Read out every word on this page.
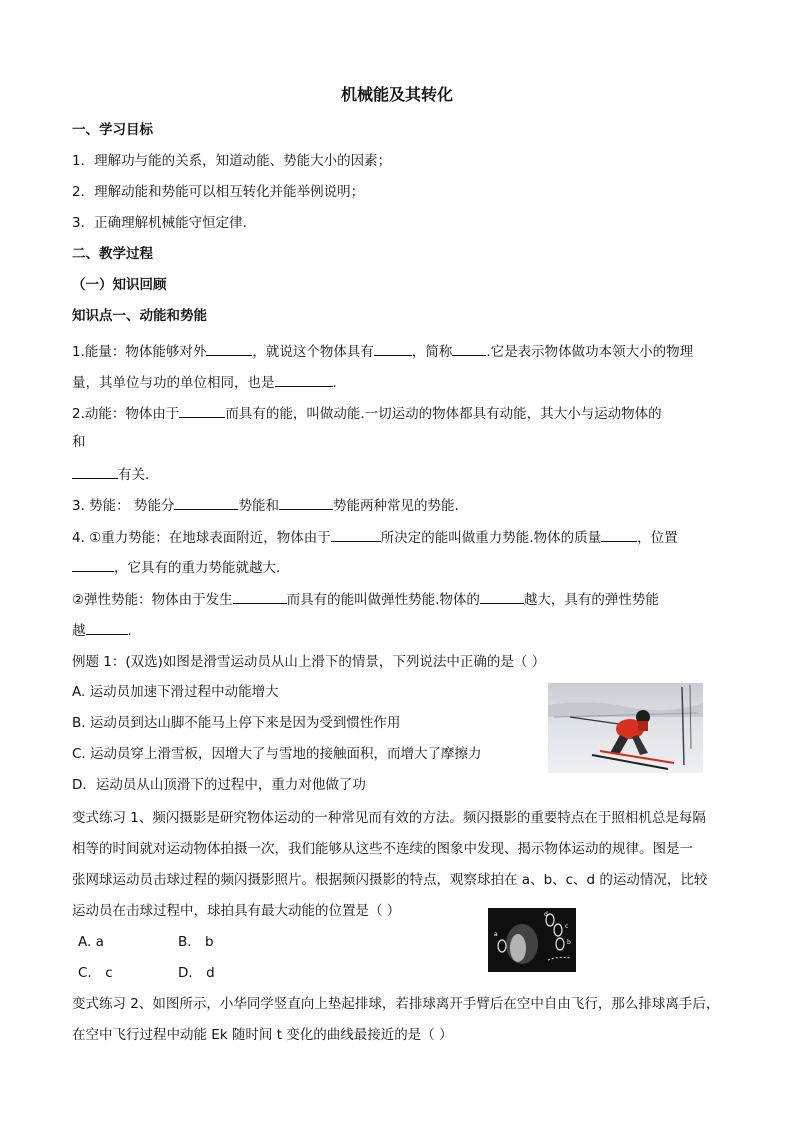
机械能及其转化
一、学习目标
1．理解功与能的关系，知道动能、势能大小的因素；
2．理解动能和势能可以相互转化并能举例说明；
3．正确理解机械能守恒定律.
二、教学过程
（一）知识回顾
知识点一、动能和势能
1.能量：物体能够对外	，就说这个物体具有	，简称	.它是表示物体做功本领大小的物理
量，其单位与功的单位相同，也是	.
2.动能：物体由于	而具有的能，叫做动能.一切运动的物体都具有动能，其大小与运动物体的
和
有关.
3. 势能： 势能分	势能和	势能两种常见的势能.
4. ①重力势能：在地球表面附近，物体由于	所决定的能叫做重力势能.物体的质量	，位置
，它具有的重力势能就越大.
②弹性势能：物体由于发生	而具有的能叫做弹性势能.物体的	越大，具有的弹性势能
越	.
例题 1：(双选)如图是滑雪运动员从山上滑下的情景，下列说法中正确的是（ ）
A. 运动员加速下滑过程中动能增大
B. 运动员到达山脚不能马上停下来是因为受到惯性作用
C. 运动员穿上滑雪板，因增大了与雪地的接触面积，而增大了摩擦力
D．运动员从山顶滑下的过程中，重力对他做了功
变式练习 1、频闪摄影是研究物体运动的一种常见而有效的方法。频闪摄影的重要特点在于照相机总是每隔
相等的时间就对运动物体拍摄一次，我们能够从这些不连续的图象中发现、揭示物体运动的规律。图是一
张网球运动员击球过程的频闪摄影照片。根据频闪摄影的特点，观察球拍在 a、b、c、d 的运动情况，比较
运动员在击球过程中，球拍具有最大动能的位置是（ ）
A. a	B． b
C． c	D． d
d
c
b
a
变式练习 2、如图所示，小华同学竖直向上垫起排球，若排球离开手臂后在空中自由飞行，那么排球离手后，
在空中飞行过程中动能 Ek 随时间 t 变化的曲线最接近的是（ ）
